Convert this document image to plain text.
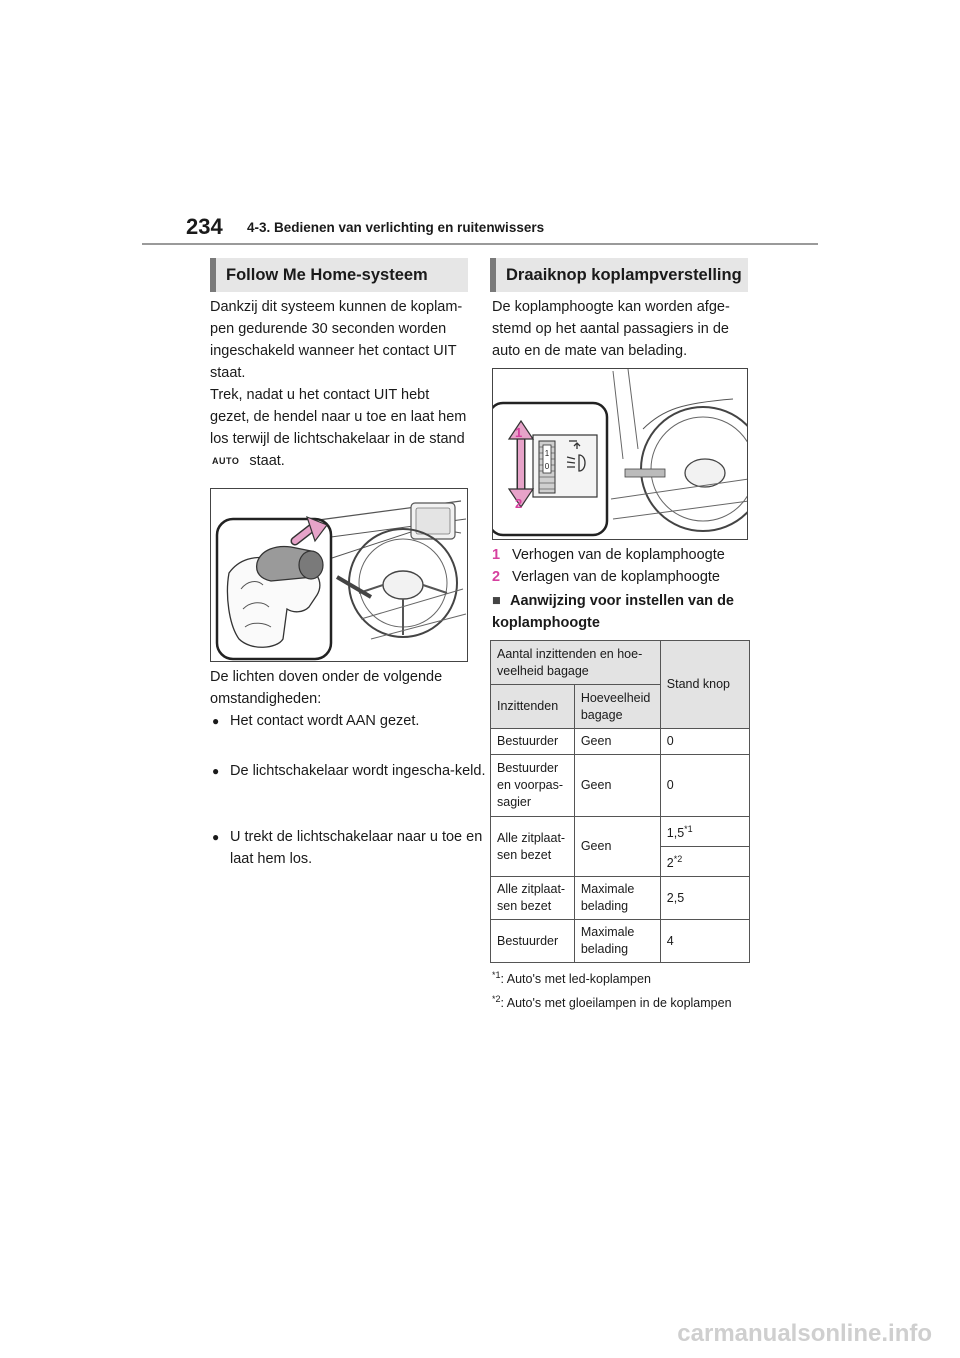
234 4-3. Bedienen van verlichting en ruitenwissers
Follow Me Home-systeem
Dankzij dit systeem kunnen de koplam-pen gedurende 30 seconden worden ingeschakeld wanneer het contact UIT staat.
Trek, nadat u het contact UIT hebt gezet, de hendel naar u toe en laat hem los terwijl de lichtschakelaar in de stand
AUTO staat.
De lichten doven onder de volgende omstandigheden:
● Het contact wordt AAN gezet.
● De lichtschakelaar wordt ingescha-keld.
● U trekt de lichtschakelaar naar u toe en laat hem los.
Draaiknop koplampverstelling
De koplamphoogte kan worden afge-stemd op het aantal passagiers in de auto en de mate van belading.
1
0
1
2
1 Verhogen van de koplamphoogte
2 Verlagen van de koplamphoogte
■ Aanwijzing voor instellen van de koplamphoogte
Aantal inzittenden en hoe-veelheid bagage		Stand knop
Inzittenden	Hoeveelheid bagage	
Bestuurder	Geen	0
Bestuurder en voorpas-sagier	Geen	0
Alle zitplaat-sen bezet	Geen	1,5$^{*1}$
		2$^{*2}$
Alle zitplaat-sen bezet	Maximale belading	2,5
Bestuurder	Maximale belading	4
$^{*1}$: Auto's met led-koplampen
$^{*2}$: Auto's met gloeilampen in de koplampen
carmanualsonline.info
